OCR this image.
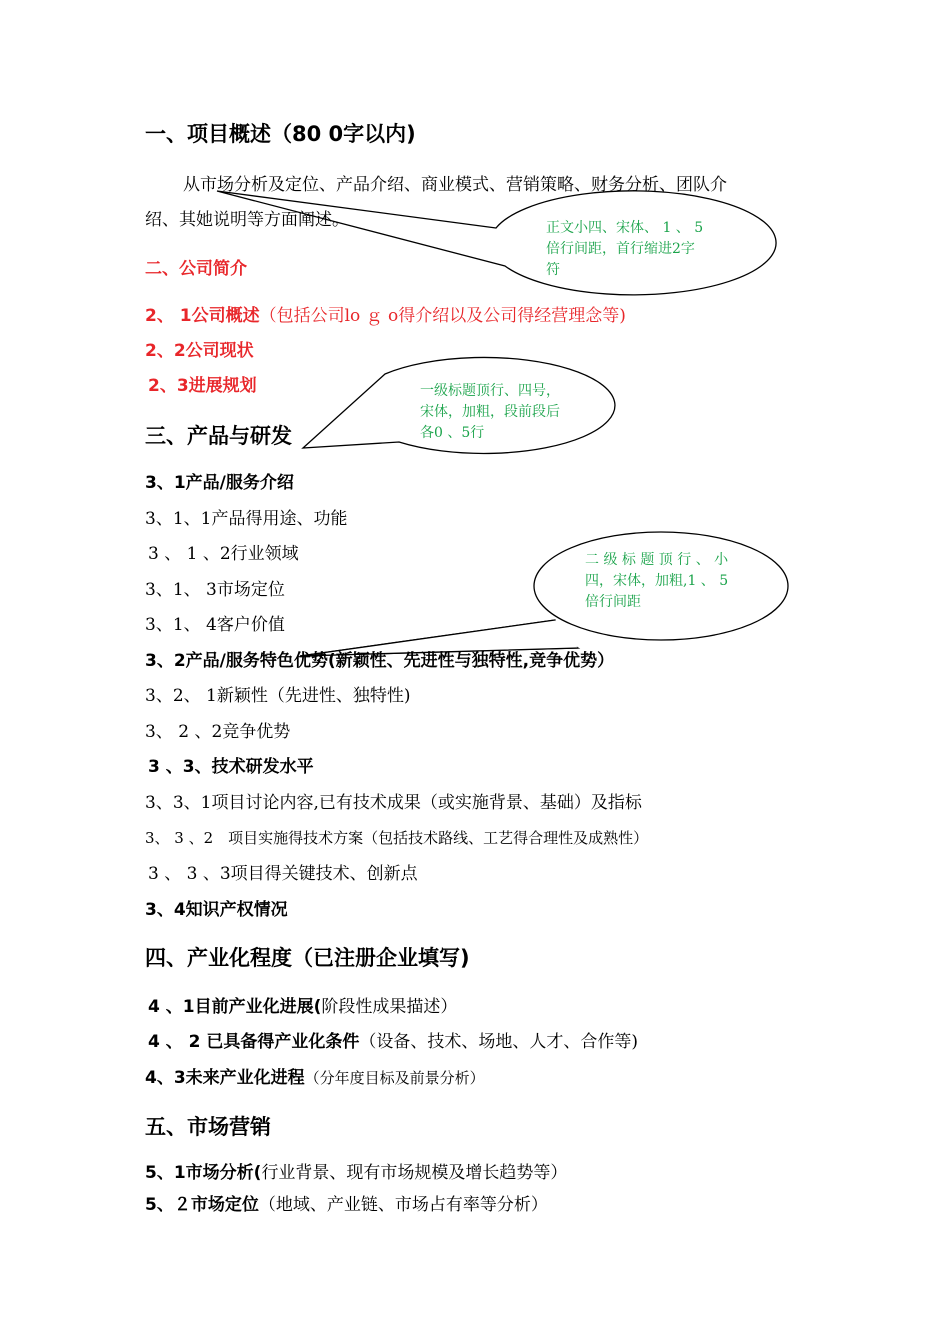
一、项目概述（80 0字以内)
从市场分析及定位、产品介绍、商业模式、营销策略、财务分析、团队介
绍、其她说明等方面阐述。
二、公司简介
2、 1公司概述（包括公司lo ｇ o得介绍以及公司得经营理念等)
2、2公司现状
2、3进展规划
三、产品与研发
3、1产品/服务介绍
3、1、1产品得用途、功能
3 、 1 、2行业领域
3、1、 3市场定位
3、1、 4客户价值
3、2产品/服务特色优势(新颖性、先进性与独特性,竞争优势）
3、2、 1新颖性（先进性、独特性)
3、 2 、2竞争优势
3 、3、技术研发水平
3、3、1项目讨论内容,已有技术成果（或实施背景、基础）及指标
3、 3 、2　项目实施得技术方案（包括技术路线、工艺得合理性及成熟性）
3 、 3 、3项目得关键技术、创新点
3、4知识产权情况
四、产业化程度（已注册企业填写)
4 、1目前产业化进展(阶段性成果描述）
4 、 2 已具备得产业化条件（设备、技术、场地、人才、合作等)
4、3未来产业化进程（分年度目标及前景分析）
五、市场营销
5、1市场分析(行业背景、现有市场规模及增长趋势等）
5、２市场定位（地域、产业链、市场占有率等分析）
正文小四、宋体、 1 、 5
倍行间距，首行缩进2字
符
一级标题顶行、四号，
宋体，加粗，段前段后
各0 、5行
二 级 标 题 顶 行 、 小
四，宋体，加粗,1 、 5
倍行间距
